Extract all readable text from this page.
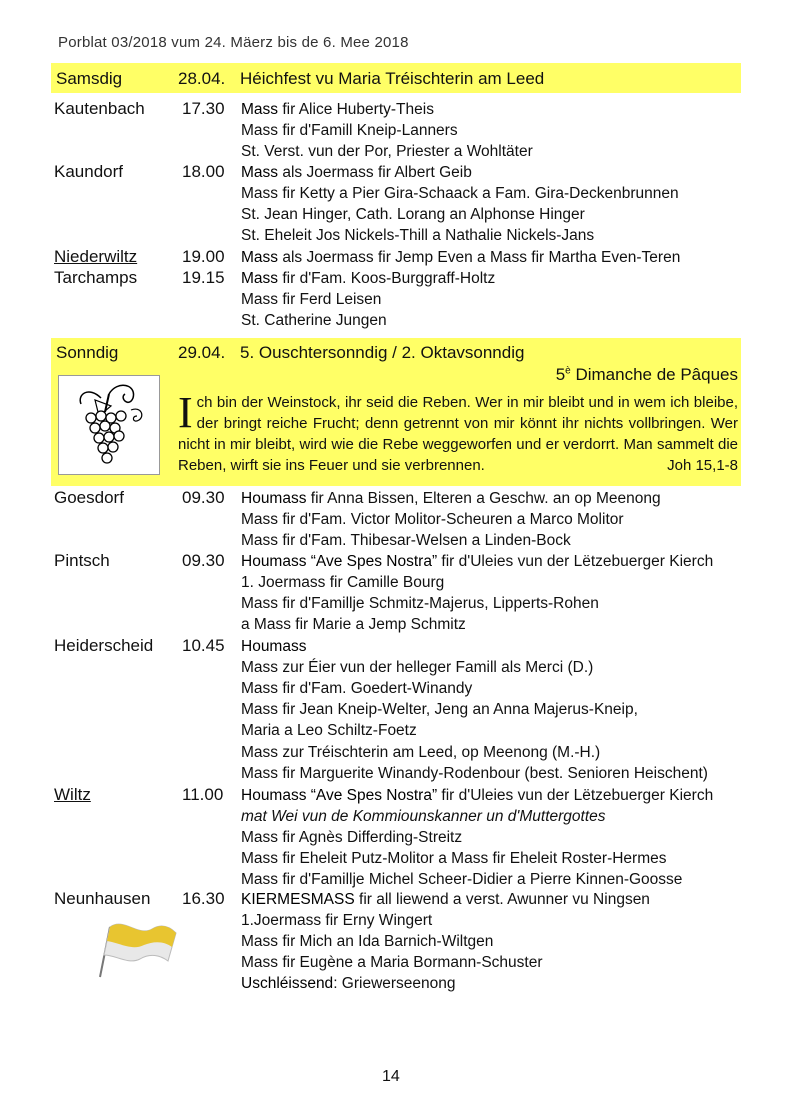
Porblat 03/2018 vum 24. Mäerz bis de 6. Mee 2018
Samsdig	28.04. Héichfest vu Maria Tréischterin am Leed
Kautenbach 17.30 Mass fir Alice Huberty-Theis
Mass fir d'Famill Kneip-Lanners
St. Verst. vun der Por, Priester a Wohltäter
Kaundorf	18.00 Mass als Joermass fir Albert Geib
Mass fir Ketty a Pier Gira-Schaack a Fam. Gira-Deckenbrunnen
St. Jean Hinger, Cath. Lorang an Alphonse Hinger
St. Eheleit Jos Nickels-Thill a Nathalie Nickels-Jans
Niederwiltz	19.00 Mass als Joermass fir Jemp Even a Mass fir Martha Even-Teren
Tarchamps	19.15 Mass fir d'Fam. Koos-Burggraff-Holtz
Mass fir Ferd Leisen
St. Catherine Jungen
Sonndig	29.04. 5. Ouschtersonndig / 2. Oktavsonndig
$5^è$ Dimanche de Pâques
Ich bin der Weinstock, ihr seid die Reben. Wer in mir bleibt und in wem ich bleibe, der bringt reiche Frucht; denn getrennt von mir könnt ihr nichts vollbringen. Wer nicht in mir bleibt, wird wie die Rebe weggeworfen und er verdorrt. Man sammelt die Reben, wirft sie ins Feuer und sie verbrennen.	Joh 15,1-8
Goesdorf	09.30 Houmass fir Anna Bissen, Elteren a Geschw. an op Meenong
Mass fir d'Fam. Victor Molitor-Scheuren a Marco Molitor
Mass fir d'Fam. Thibesar-Welsen a Linden-Bock
Pintsch	09.30 Houmass “Ave Spes Nostra” fir d'Uleies vun der Lëtzebuerger Kierch
1. Joermass fir Camille Bourg
Mass fir d'Famillje Schmitz-Majerus, Lipperts-Rohen
a Mass fir Marie a Jemp Schmitz
Heiderscheid 10.45 Houmass
Mass zur Éier vun der helleger Famill als Merci (D.)
Mass fir d'Fam. Goedert-Winandy
Mass fir Jean Kneip-Welter, Jeng an Anna Majerus-Kneip,
Maria a Leo Schiltz-Foetz
Mass zur Tréischterin am Leed, op Meenong (M.-H.)
Mass fir Marguerite Winandy-Rodenbour (best. Senioren Heischent)
Wiltz	11.00 Houmass “Ave Spes Nostra” fir d'Uleies vun der Lëtzebuerger Kierch
mat Wei vun de Kommiounskanner un d'Muttergottes
Mass fir Agnès Differding-Streitz
Mass fir Eheleit Putz-Molitor a Mass fir Eheleit Roster-Hermes
Mass fir d'Famillje Michel Scheer-Didier a Pierre Kinnen-Goosse
Neunhausen 16.30 KIERMESMASS fir all liewend a verst. Awunner vu Ningsen
1.Joermass fir Erny Wingert
Mass fir Mich an Ida Barnich-Wiltgen
Mass fir Eugène a Maria Bormann-Schuster
Uschléissend: Griewerseenong
14
